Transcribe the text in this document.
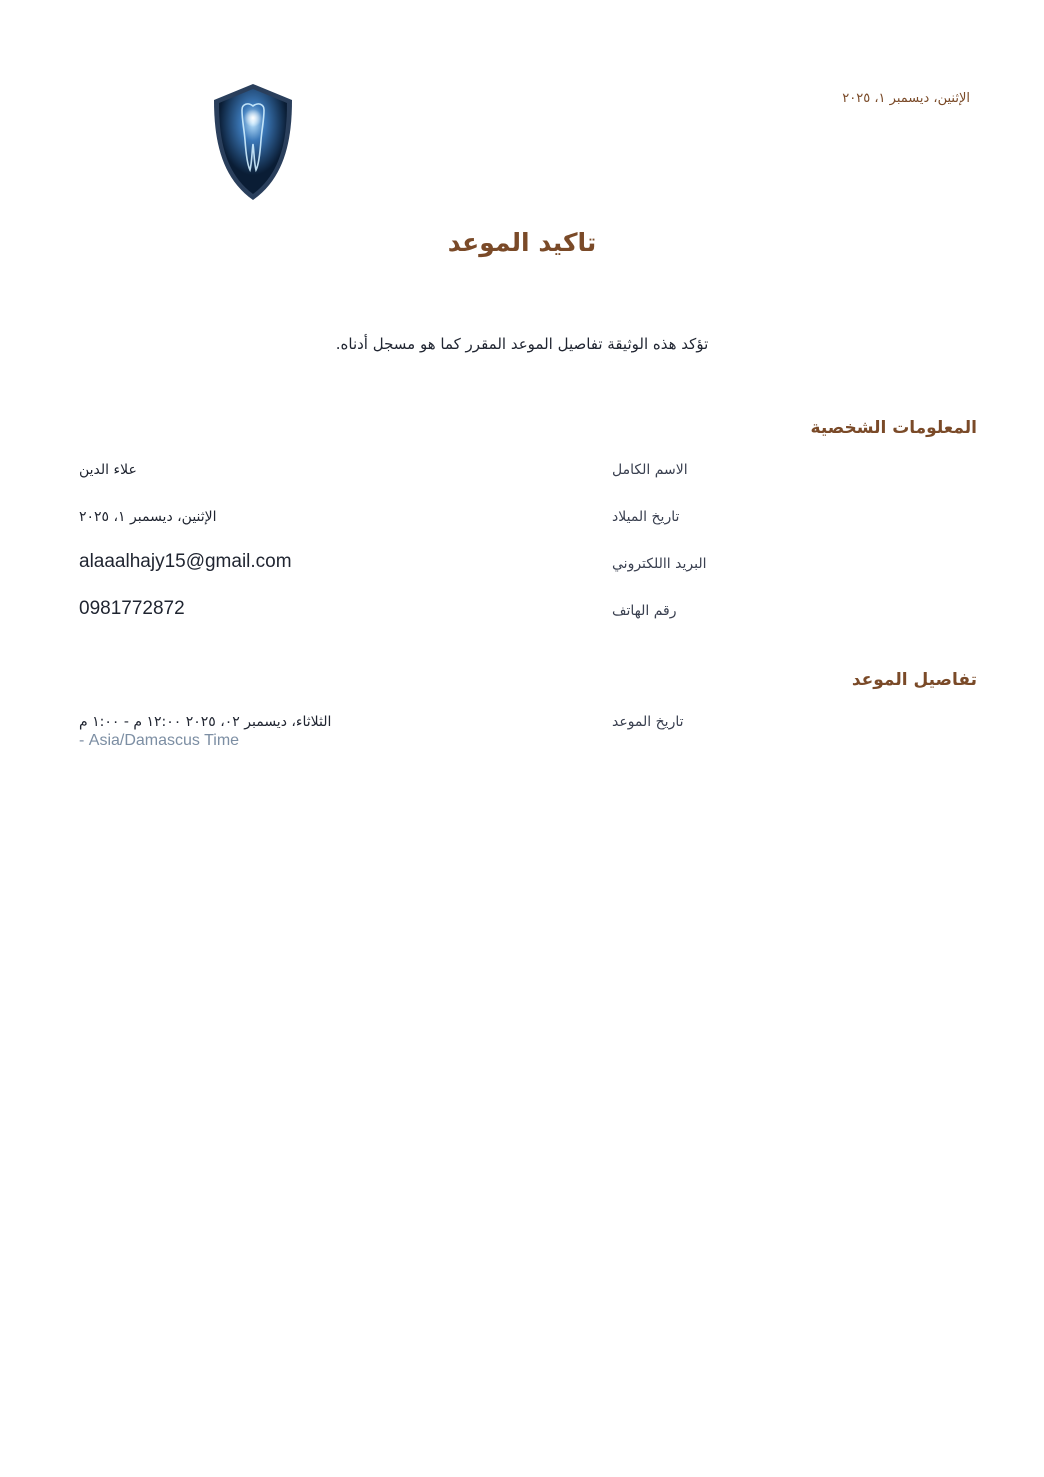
الإثنين، ديسمبر ١، ٢٠٢٥
تاكيد الموعد
تؤكد هذه الوثيقة تفاصيل الموعد المقرر كما هو مسجل أدناه.
المعلومات الشخصية
الاسم الكامل
علاء الدين
تاريخ الميلاد
الإثنين، ديسمبر ١، ٢٠٢٥
البريد االلكتروني
alaaalhajy15@gmail.com
رقم الهاتف
0981772872
تفاصيل الموعد
تاريخ الموعد
الثلاثاء، ديسمبر ٠٢، ٢٠٢٥ ١٢:٠٠ م - ١:٠٠ م
Asia/Damascus Time -
